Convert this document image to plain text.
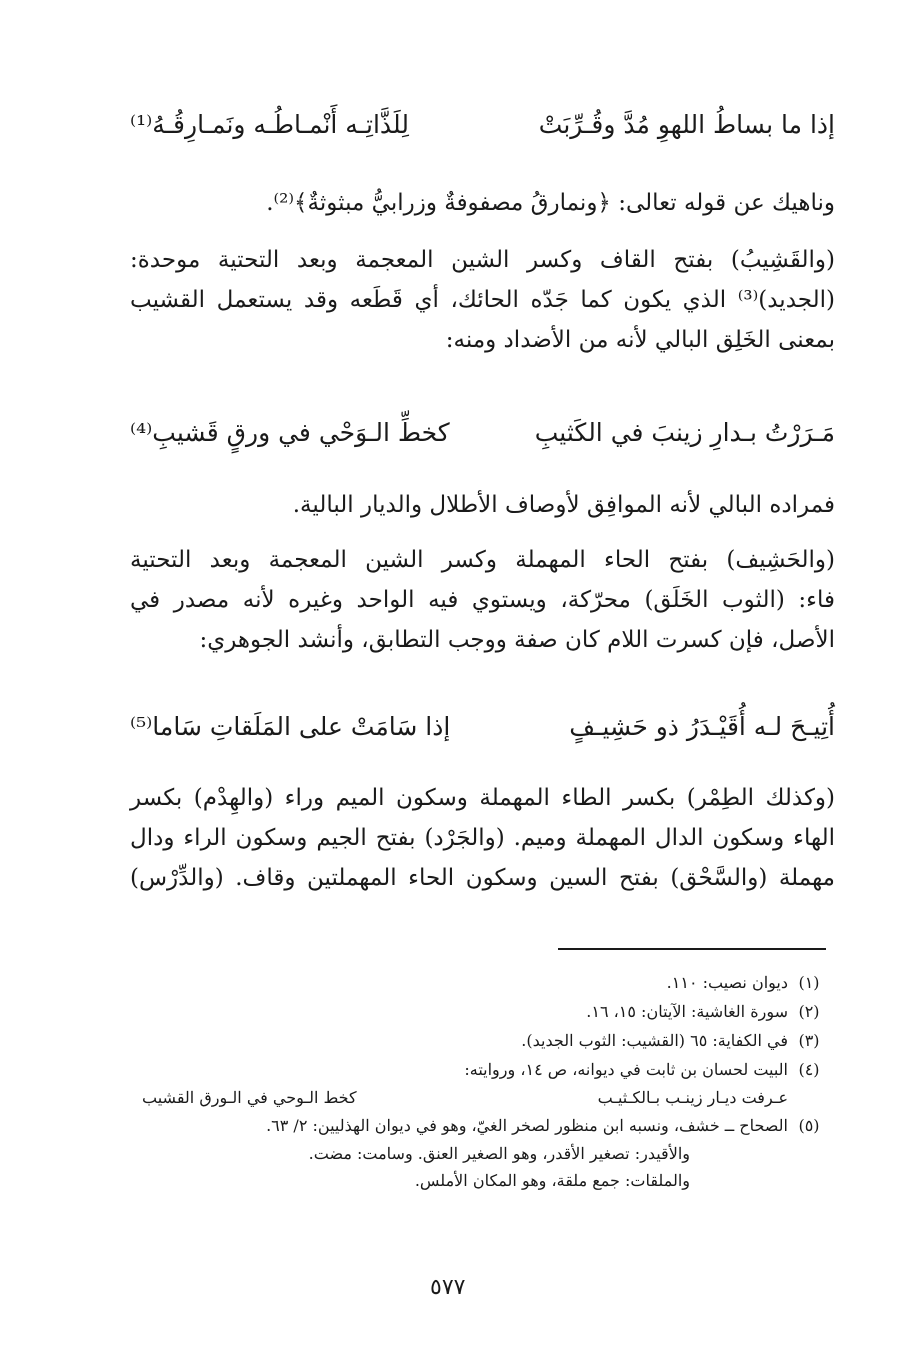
إذا ما بساطُ اللهوِ مُدَّ وقُـرِّبَتْ
لِلَذَّاتِـه أَنْمـاطُـه ونَمـارِقُـهُ⁽¹⁾
وناهيك عن قوله تعالى: ﴿ونمارقُ مصفوفةٌ وزرابيُّ مبثوثةٌ﴾⁽²⁾.
(والقَشِيبُ) بفتح القاف وكسر الشين المعجمة وبعد التحتية موحدة:
(الجديد)⁽³⁾ الذي يكون كما جَدّه الحائك، أي قَطَعه وقد يستعمل القشيب
بمعنى الخَلِق البالي لأنه من الأضداد ومنه:
مَـرَرْتُ بـدارِ زينبَ في الكَثيبِ
كخطِّ الـوَحْي في ورقٍ قَشيبِ⁽⁴⁾
فمراده البالي لأنه الموافِق لأوصاف الأطلال والديار البالية.
(والحَشِيف) بفتح الحاء المهملة وكسر الشين المعجمة وبعد التحتية
فاء: (الثوب الخَلَق) محرّكة، ويستوي فيه الواحد وغيره لأنه مصدر في
الأصل، فإن كسرت اللام كان صفة ووجب التطابق، وأنشد الجوهري:
أُتِيـحَ لـه أُقَيْـدَرُ ذو حَشِيـفٍ
إذا سَامَتْ على المَلَقاتِ سَاما⁽⁵⁾
(وكذلك الطِمْر) بكسر الطاء المهملة وسكون الميم وراء (والهِدْم) بكسر
الهاء وسكون الدال المهملة وميم. (والجَرْد) بفتح الجيم وسكون الراء ودال
مهملة (والسَّحْق) بفتح السين وسكون الحاء المهملتين وقاف. (والدِّرْس)
(١)
ديوان نصيب: ١١٠.
(٢)
سورة الغاشية: الآيتان: ١٥، ١٦.
(٣)
في الكفاية: ٦٥ (القشيب: الثوب الجديد).
(٤)
البيت لحسان بن ثابت في ديوانه، ص ١٤، وروايته:
عـرفت ديـار زينـب بـالكـثيـب
كخط الـوحي في الـورق القشيب
(٥)
الصحاح ــ خشف، ونسبه ابن منظور لصخر الغيّ، وهو في ديوان الهذليين: ٢/ ٦٣.
والأقيدر: تصغير الأقدر، وهو الصغير العنق. وسامت: مضت.
والملقات: جمع ملقة، وهو المكان الأملس.
٥٧٧
